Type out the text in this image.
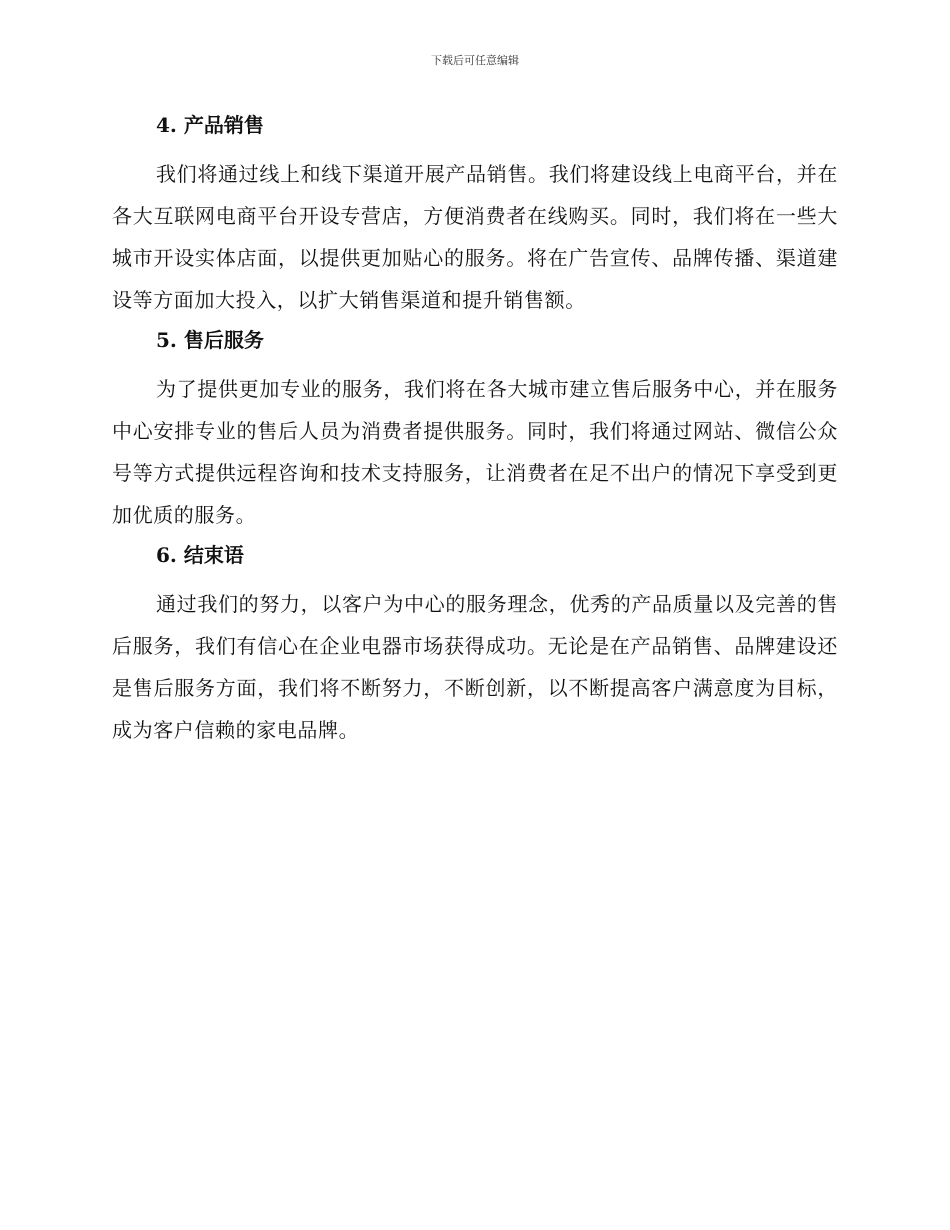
下载后可任意编辑
4. 产品销售

我们将通过线上和线下渠道开展产品销售。我们将建设线上电商平台，并在各大互联网电商平台开设专营店，方便消费者在线购买。同时，我们将在一些大城市开设实体店面，以提供更加贴心的服务。将在广告宣传、品牌传播、渠道建设等方面加大投入，以扩大销售渠道和提升销售额。

5. 售后服务

为了提供更加专业的服务，我们将在各大城市建立售后服务中心，并在服务中心安排专业的售后人员为消费者提供服务。同时，我们将通过网站、微信公众号等方式提供远程咨询和技术支持服务，让消费者在足不出户的情况下享受到更加优质的服务。

6. 结束语

通过我们的努力，以客户为中心的服务理念，优秀的产品质量以及完善的售后服务，我们有信心在企业电器市场获得成功。无论是在产品销售、品牌建设还是售后服务方面，我们将不断努力，不断创新，以不断提高客户满意度为目标，成为客户信赖的家电品牌。
